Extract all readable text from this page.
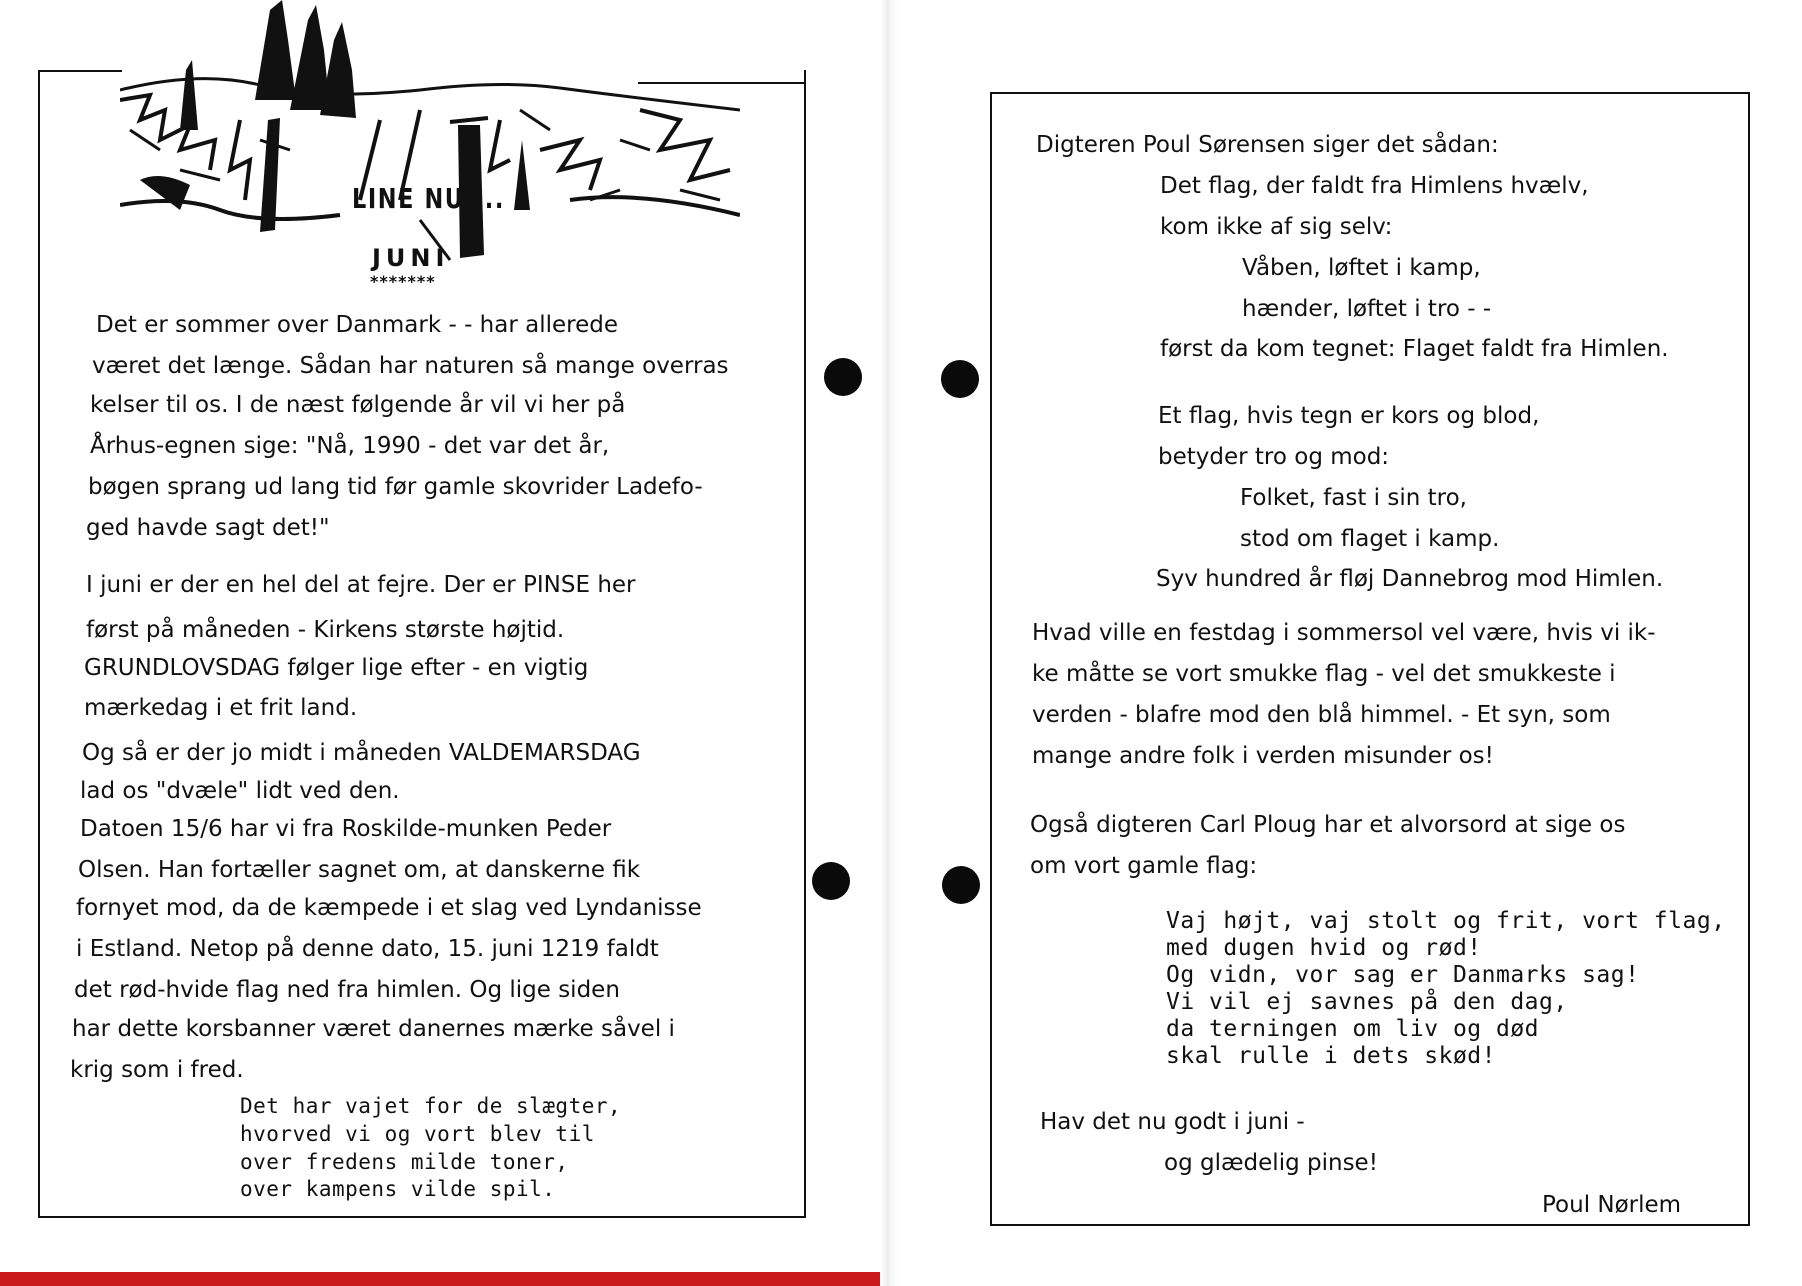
LINE NU....
JUNI
*******
Det er sommer over Danmark - - har allerede
været det længe. Sådan har naturen så mange overras
kelser til os. I de næst følgende år vil vi her på
Århus-egnen sige: "Nå, 1990 - det var det år,
bøgen sprang ud lang tid før gamle skovrider Ladefo-
ged havde sagt det!"
I juni er der en hel del at fejre. Der er PINSE her
først på måneden - Kirkens største højtid.
GRUNDLOVSDAG følger lige efter - en vigtig
mærkedag i et frit land.
Og så er der jo midt i måneden VALDEMARSDAG
lad os "dvæle" lidt ved den.
Datoen 15/6 har vi fra Roskilde-munken Peder
Olsen. Han fortæller sagnet om, at danskerne fik
fornyet mod, da de kæmpede i et slag ved Lyndanisse
i Estland. Netop på denne dato, 15. juni 1219 faldt
det rød-hvide flag ned fra himlen. Og lige siden
har dette korsbanner været danernes mærke såvel i
krig som i fred.
Det har vajet for de slægter,
hvorved vi og vort blev til
over fredens milde toner,
over kampens vilde spil.
Digteren Poul Sørensen siger det sådan:
Det flag, der faldt fra Himlens hvælv,
kom ikke af sig selv:
Våben, løftet i kamp,
hænder, løftet i tro - -
først da kom tegnet: Flaget faldt fra Himlen.
Et flag, hvis tegn er kors og blod,
betyder tro og mod:
Folket, fast i sin tro,
stod om flaget i kamp.
Syv hundred år fløj Dannebrog mod Himlen.
Hvad ville en festdag i sommersol vel være, hvis vi ik-
ke måtte se vort smukke flag - vel det smukkeste i
verden - blafre mod den blå himmel. - Et syn, som
mange andre folk i verden misunder os!
Også digteren Carl Ploug har et alvorsord at sige os
om vort gamle flag:
Vaj højt, vaj stolt og frit, vort flag,
med dugen hvid og rød!
Og vidn, vor sag er Danmarks sag!
Vi vil ej savnes på den dag,
da terningen om liv og død
skal rulle i dets skød!
Hav det nu godt i juni -
og glædelig pinse!
Poul Nørlem
